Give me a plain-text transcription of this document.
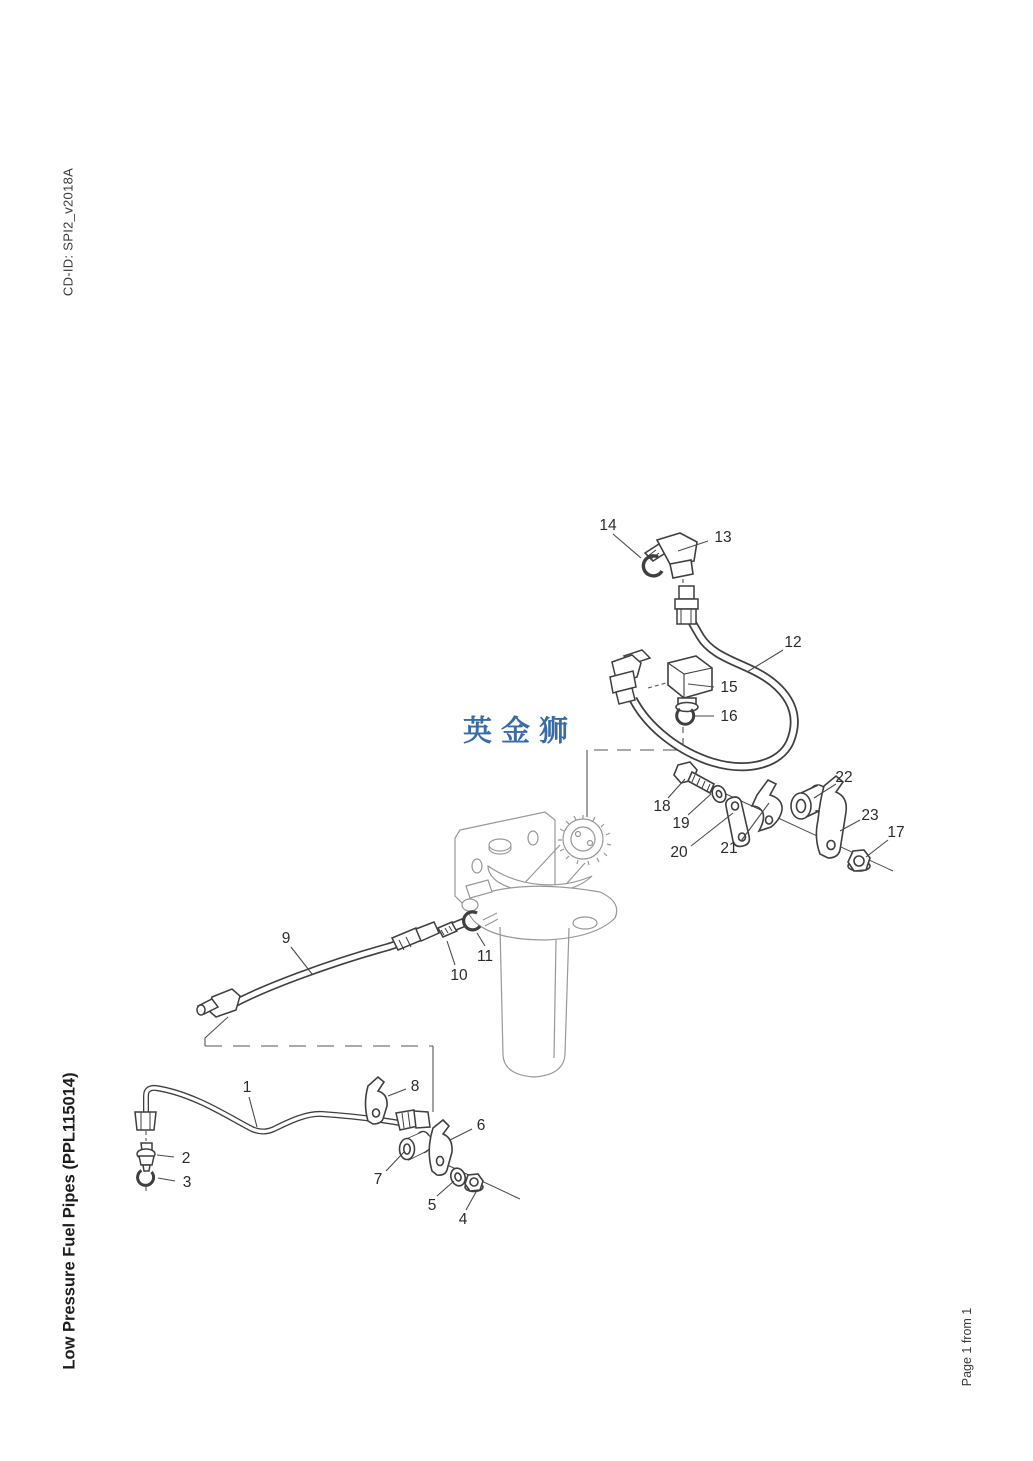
CD-ID: SPI2_v2018A
Low Pressure Fuel Pipes (PPL115014)	Page 1 from 1
英金狮
1
2
3
4
5
6
7
8
9
10
11
12
13
14
15
16
17
18
19
20 21
22
23
